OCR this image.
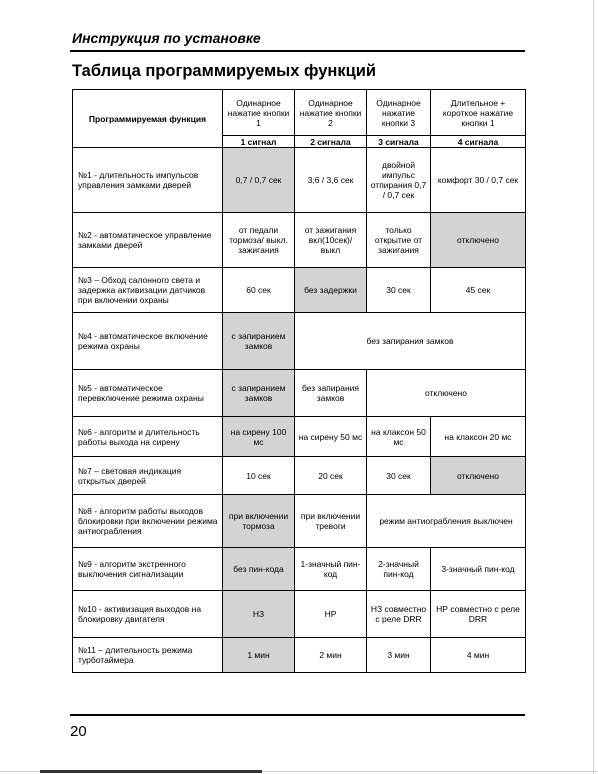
Инструкция по установке
Таблица программируемых функций
Программируемая функция	Одинарное нажатие кнопки 1	Одинарное нажатие кнопки 2	Одинарное нажатие кнопки 3	Длительное + короткое нажатие кнопки 1
	1 сигнал	2 сигнала	3 сигнала	4 сигнала
№1 - длительность импульсов управления замками дверей	0,7 / 0,7 сек	3,6 / 3,6 сек	двойной импульс отпирания 0,7 / 0,7 сек	комфорт 30 / 0,7 сек
№2 - автоматическое управление замками дверей	от педали тормоза/ выкл. зажигания	от зажигания вкл(10сек)/ выкл	только открытие от зажигания	отключено
№3 – Обход салонного света и задержка активизации датчиков при включении охраны	60 сек	без задержки	30 сек	45 сек
№4 - автоматическое включение режима охраны	с запиранием замков	без запирания замков		
№5 - автоматическое перевключение режима охраны	с запиранием замков	без запирания замков	отключено	
№6 - алгоритм и длительность работы выхода на сирену	на сирену 100 мс	на сирену 50 мс	на клаксон 50 мс	на клаксон 20 мс
№7 – световая индикация открытых дверей	10 сек	20 сек	30 сек	отключено
№8 - алгоритм работы выходов блокировки при включении режима антиограбления	при включении тормоза	при включении тревоги	режим антиограбления выключен	
№9 - алгоритм экстренного выключения сигнализации	без пин-кода	1-значный пин-код	2-значный пин-код	3-значный пин-код
№10 - активизация выходов на блокировку двигателя	НЗ	НР	НЗ совместно с реле DRR	НР совместно с реле DRR
№11 – длительность режима турботаймера	1 мин	2 мин	3 мин	4 мин
20
